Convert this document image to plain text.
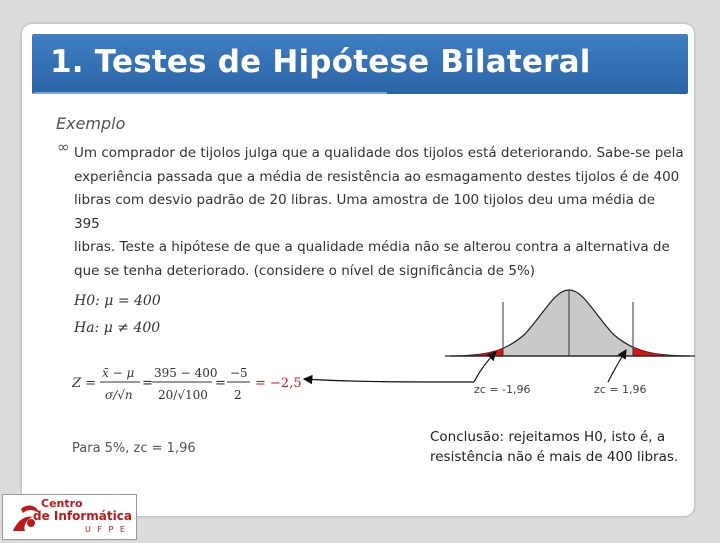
1. Testes de Hipótese Bilateral
Exemplo
∞ Um comprador de tijolos julga que a qualidade dos tijolos está deteriorando. Sabe-se pela
experiência passada que a média de resistência ao esmagamento destes tijolos é de 400
libras com desvio padrão de 20 libras. Uma amostra de 100 tijolos deu uma média de 395
libras. Teste a hipótese de que a qualidade média não se alterou contra a alternativa de
que se tenha deteriorado. (considere o nível de significância de 5%)
H0: μ = 400
Ha: μ ≠ 400
Z =
x̄ − μ
σ/√n
=
395 − 400
20/√100
=
−5
2
= −2,5	zc = -1,96	zc = 1,96
Conclusão: rejeitamos H0, isto é, a resistência não é mais de 400 libras.
Para 5%, zc = 1,96
Centro
de Informática
U F P E
